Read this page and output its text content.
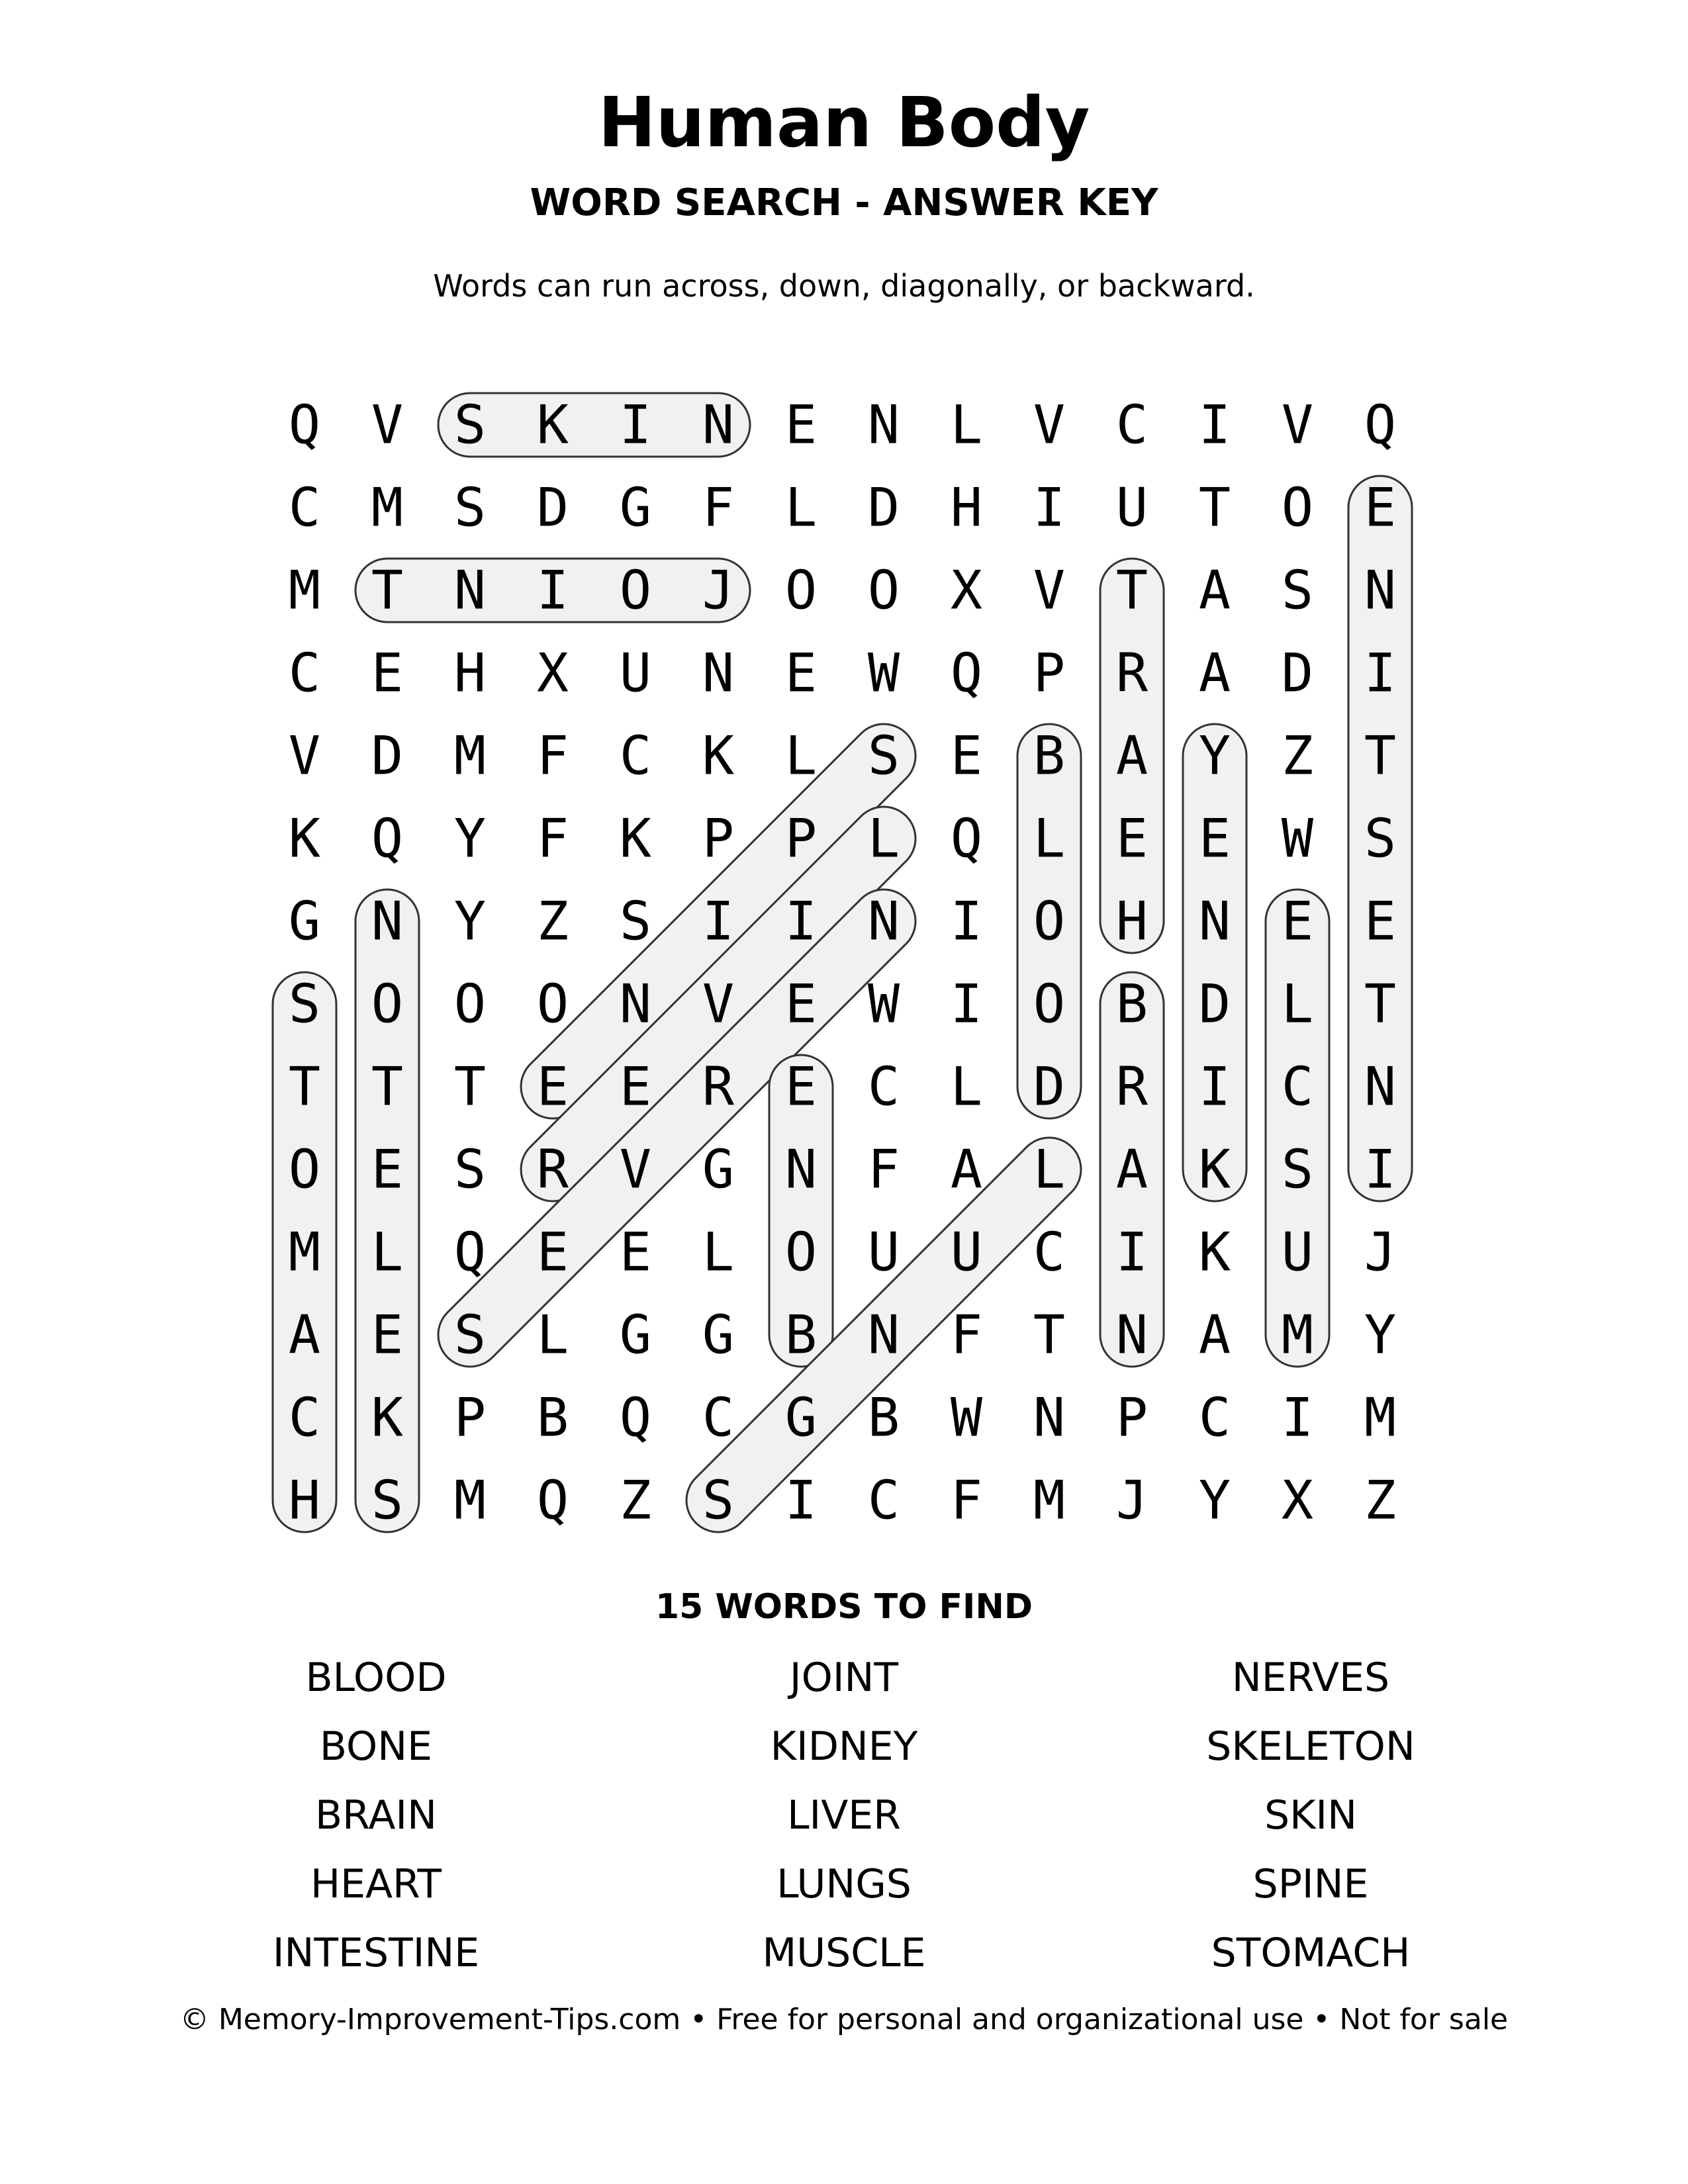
Human Body
WORD SEARCH - ANSWER KEY
Words can run across, down, diagonally, or backward.
Q V S K I N E N L V C I V Q
C M S D G F L D H I U T O E
M T N I O J O O X V T A S N
C E H X U N E W Q P R A D I
V D M F C K L S E B A Y Z T
K Q Y F K P P L Q L E E W S
G N Y Z S I I N I O H N E E
S O O O N V E W I O B D L T
T T T E E R E C L D R I C N
O E S R V G N F A L A K S I
M L Q E E L O U U C I K U J
A E S L G G B N F T N A M Y
C K P B Q C G B W N P C I M
H S M Q Z S I C F M J Y X Z
15 WORDS TO FIND
BLOOD
BONE
BRAIN
HEART
INTESTINE
JOINT
KIDNEY
LIVER
LUNGS
MUSCLE
NERVES
SKELETON
SKIN
SPINE
STOMACH
© Memory-Improvement-Tips.com • Free for personal and organizational use • Not for sale
